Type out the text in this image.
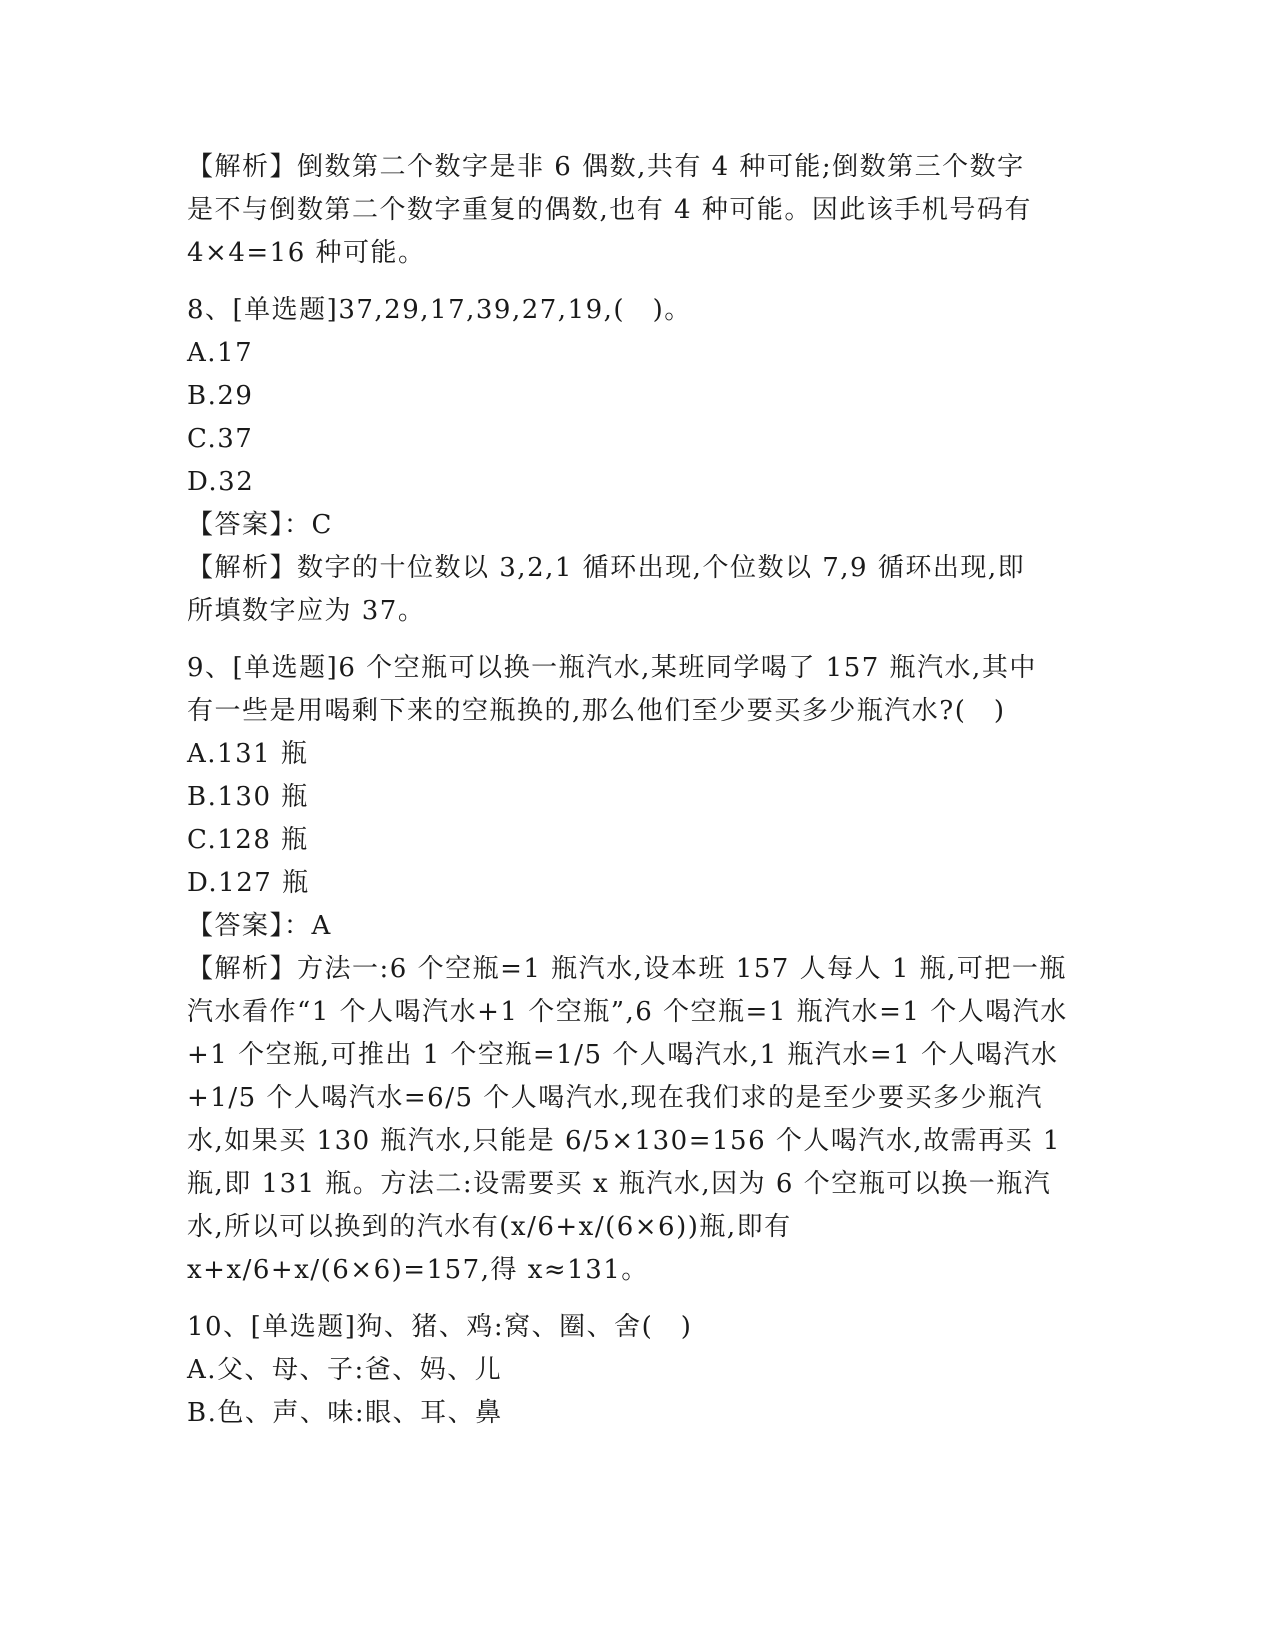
【解析】倒数第二个数字是非 6 偶数,共有 4 种可能;倒数第三个数字
是不与倒数第二个数字重复的偶数,也有 4 种可能。因此该手机号码有
4×4=16 种可能。
8、[单选题]37,29,17,39,27,19,(　)。
A.17
B.29
C.37
D.32
【答案】：C
【解析】数字的十位数以 3,2,1 循环出现,个位数以 7,9 循环出现,即
所填数字应为 37。
9、[单选题]6 个空瓶可以换一瓶汽水,某班同学喝了 157 瓶汽水,其中
有一些是用喝剩下来的空瓶换的,那么他们至少要买多少瓶汽水?(　)
A.131 瓶
B.130 瓶
C.128 瓶
D.127 瓶
【答案】：A
【解析】方法一:6 个空瓶=1 瓶汽水,设本班 157 人每人 1 瓶,可把一瓶
汽水看作“1 个人喝汽水+1 个空瓶”,6 个空瓶=1 瓶汽水=1 个人喝汽水
+1 个空瓶,可推出 1 个空瓶=1/5 个人喝汽水,1 瓶汽水=1 个人喝汽水
+1/5 个人喝汽水=6/5 个人喝汽水,现在我们求的是至少要买多少瓶汽
水,如果买 130 瓶汽水,只能是 6/5×130=156 个人喝汽水,故需再买 1
瓶,即 131 瓶。方法二:设需要买 x 瓶汽水,因为 6 个空瓶可以换一瓶汽
水,所以可以换到的汽水有(x/6+x/(6×6))瓶,即有
x+x/6+x/(6×6)=157,得 x≈131。
10、[单选题]狗、猪、鸡:窝、圈、舍(　)
A.父、母、子:爸、妈、儿
B.色、声、味:眼、耳、鼻
